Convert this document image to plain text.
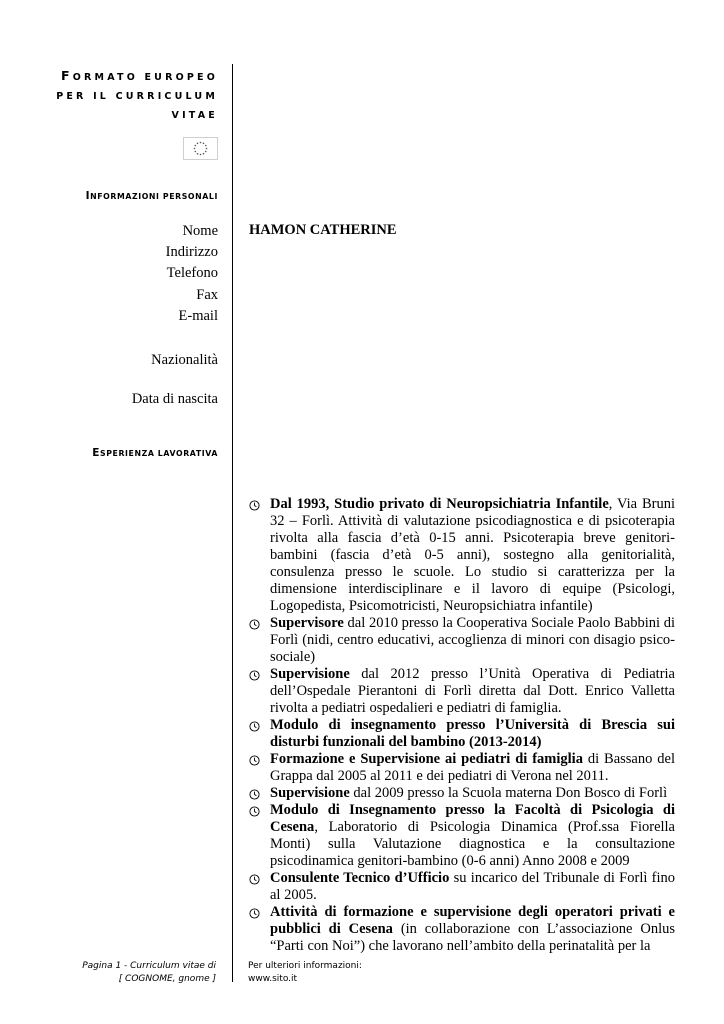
FORMATO EUROPEO
PER IL CURRICULUM
VITAE
INFORMAZIONI PERSONALI
Nome
Indirizzo
Telefono
Fax
E-mail
Nazionalità
Data di nascita
HAMON CATHERINE
ESPERIENZA LAVORATIVA
Dal 1993, Studio privato di Neuropsichiatria Infantile, Via Bruni 32 – Forlì. Attività di valutazione psicodiagnostica e di psicoterapia rivolta alla fascia d’età 0-15 anni. Psicoterapia breve genitori-bambini (fascia d’età 0-5 anni), sostegno alla genitorialità, consulenza presso le scuole. Lo studio si caratterizza per la dimensione interdisciplinare e il lavoro di equipe (Psicologi, Logopedista, Psicomotricisti, Neuropsichiatra infantile)
Supervisore dal 2010 presso la Cooperativa Sociale Paolo Babbini di Forlì (nidi, centro educativi, accoglienza di minori con disagio psico-sociale)
Supervisione dal 2012 presso l’Unità Operativa di Pediatria dell’Ospedale Pierantoni di Forlì diretta dal Dott. Enrico Valletta rivolta a pediatri ospedalieri e pediatri di famiglia.
Modulo di insegnamento presso l’Università di Brescia sui disturbi funzionali del bambino (2013-2014)
Formazione e Supervisione ai pediatri di famiglia di Bassano del Grappa dal 2005 al 2011 e dei pediatri di Verona nel 2011.
Supervisione dal 2009 presso la Scuola materna Don Bosco di Forlì
Modulo di Insegnamento presso la Facoltà di Psicologia di Cesena, Laboratorio di Psicologia Dinamica (Prof.ssa Fiorella Monti) sulla Valutazione diagnostica e la consultazione psicodinamica genitori-bambino (0-6 anni) Anno 2008 e 2009
Consulente Tecnico d’Ufficio su incarico del Tribunale di Forlì fino al 2005.
Attività di formazione e supervisione degli operatori privati e pubblici di Cesena (in collaborazione con L’associazione Onlus “Parti con Noi”) che lavorano nell’ambito della perinatalità per la
Pagina 1 - Curriculum vitae di
[ COGNOME, gnome ]
Per ulteriori informazioni:
www.sito.it
